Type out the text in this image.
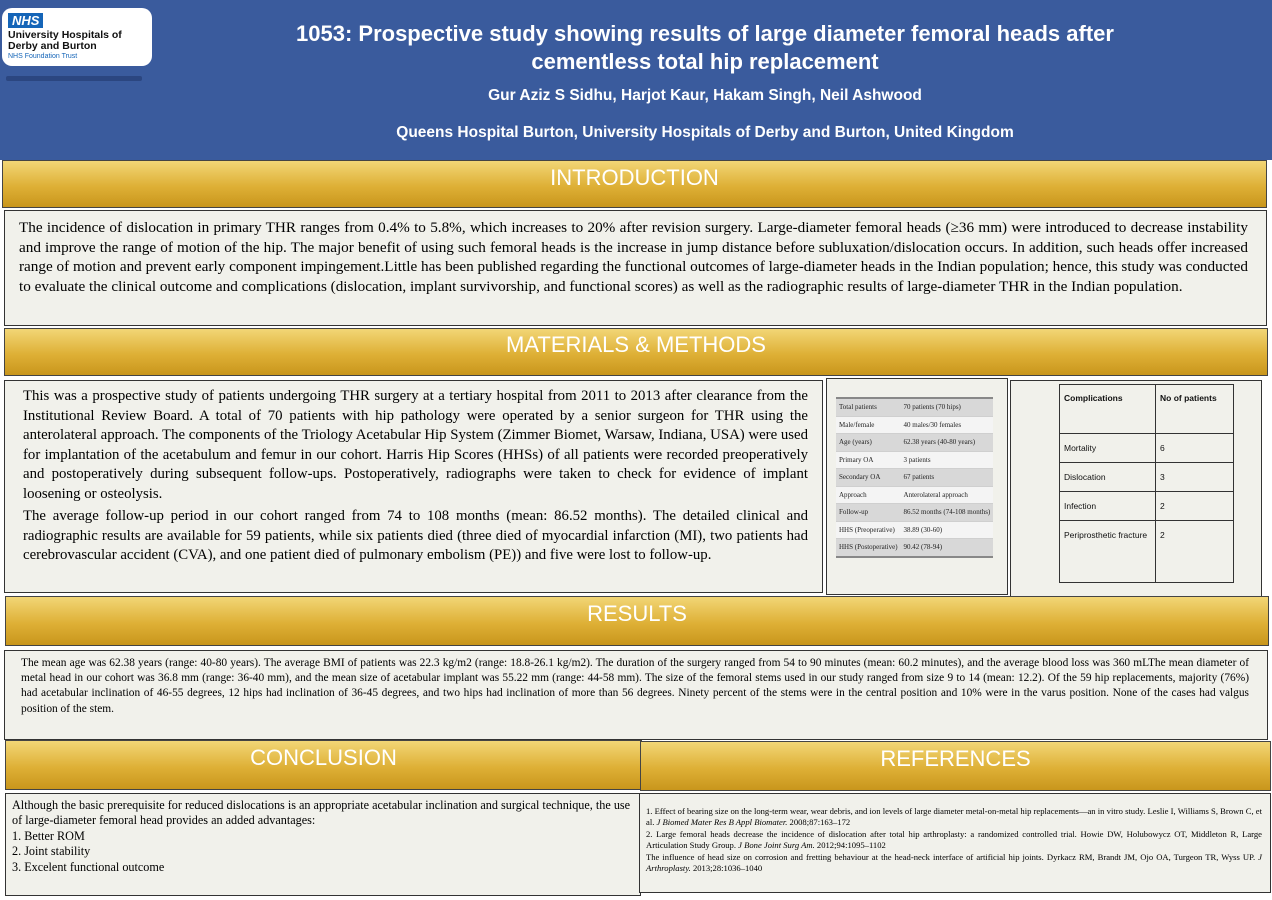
NHS
University Hospitals of
Derby and Burton
NHS Foundation Trust
1053: Prospective study showing results of large diameter femoral heads after
cementless total hip replacement
Gur Aziz S Sidhu, Harjot Kaur, Hakam Singh, Neil Ashwood
Queens Hospital Burton, University Hospitals of Derby and Burton, United Kingdom
INTRODUCTION
The incidence of dislocation in primary THR ranges from 0.4% to 5.8%, which increases to 20% after revision surgery. Large-diameter femoral heads (≥36 mm) were introduced to decrease instability and improve the range of motion of the hip. The major benefit of using such femoral heads is the increase in jump distance before subluxation/dislocation occurs. In addition, such heads offer increased range of motion and prevent early component impingement.Little has been published regarding the functional outcomes of large-diameter heads in the Indian population; hence, this study was conducted to evaluate the clinical outcome and complications (dislocation, implant survivorship, and functional scores) as well as the radiographic results of large-diameter THR in the Indian population.
MATERIALS & METHODS

This was a prospective study of patients undergoing THR surgery at a tertiary hospital from 2011 to 2013 after clearance from the Institutional Review Board. A total of 70 patients with hip pathology were operated by a senior surgeon for THR using the anterolateral approach. The components of the Triology Acetabular Hip System (Zimmer Biomet, Warsaw, Indiana, USA) were used for implantation of the acetabulum and femur in our cohort. Harris Hip Scores (HHSs) of all patients were recorded preoperatively and postoperatively during subsequent follow-ups. Postoperatively, radiographs were taken to check for evidence of implant loosening or osteolysis.

The average follow-up period in our cohort ranged from 74 to 108 months (mean: 86.52 months). The detailed clinical and radiographic results are available for 59 patients, while six patients died (three died of myocardial infarction (MI), two patients had cerebrovascular accident (CVA), and one patient died of pulmonary embolism (PE)) and five were lost to follow-up.

Total patients	70 patients (70 hips)
Male/female	40 males/30 females
Age (years)	62.38 years (40-80 years)
Primary OA	3 patients
Secondary OA	67 patients
Approach	Anterolateral approach
Follow-up	86.52 months (74-108 months)
HHS (Preoperative)	38.89 (30-60)
HHS (Postoperative)	90.42 (78-94)
Complications	No of patients
Mortality	6
Dislocation	3
Infection	2
Periprosthetic fracture	2
RESULTS
The mean age was 62.38 years (range: 40-80 years). The average BMI of patients was 22.3 kg/m2 (range: 18.8-26.1 kg/m2). The duration of the surgery ranged from 54 to 90 minutes (mean: 60.2 minutes), and the average blood loss was 360 mLThe mean diameter of metal head in our cohort was 36.8 mm (range: 36-40 mm), and the mean size of acetabular implant was 55.22 mm (range: 44-58 mm). The size of the femoral stems used in our study ranged from size 9 to 14 (mean: 12.2). Of the 59 hip replacements, majority (76%) had acetabular inclination of 46-55 degrees, 12 hips had inclination of 36-45 degrees, and two hips had inclination of more than 56 degrees. Ninety percent of the stems were in the central position and 10% were in the varus position. None of the cases had valgus position of the stem.
CONCLUSION
Although the basic prerequisite for reduced dislocations is an appropriate acetabular inclination and surgical technique, the use of large-diameter femoral head provides an added advantages:
1. Better ROM
2. Joint stability
3. Excelent functional outcome
REFERENCES

1. Effect of bearing size on the long-term wear, wear debris, and ion levels of large diameter metal-on-metal hip replacements—an in vitro study. Leslie I, Williams S, Brown C, et al. J Biomed Mater Res B Appl Biomater. 2008;87:163–172

2. Large femoral heads decrease the incidence of dislocation after total hip arthroplasty: a randomized controlled trial. Howie DW, Holubowycz OT, Middleton R, Large Articulation Study Group. J Bone Joint Surg Am. 2012;94:1095–1102

The influence of head size on corrosion and fretting behaviour at the head-neck interface of artificial hip joints. Dyrkacz RM, Brandt JM, Ojo OA, Turgeon TR, Wyss UP. J Arthroplasty. 2013;28:1036–1040
